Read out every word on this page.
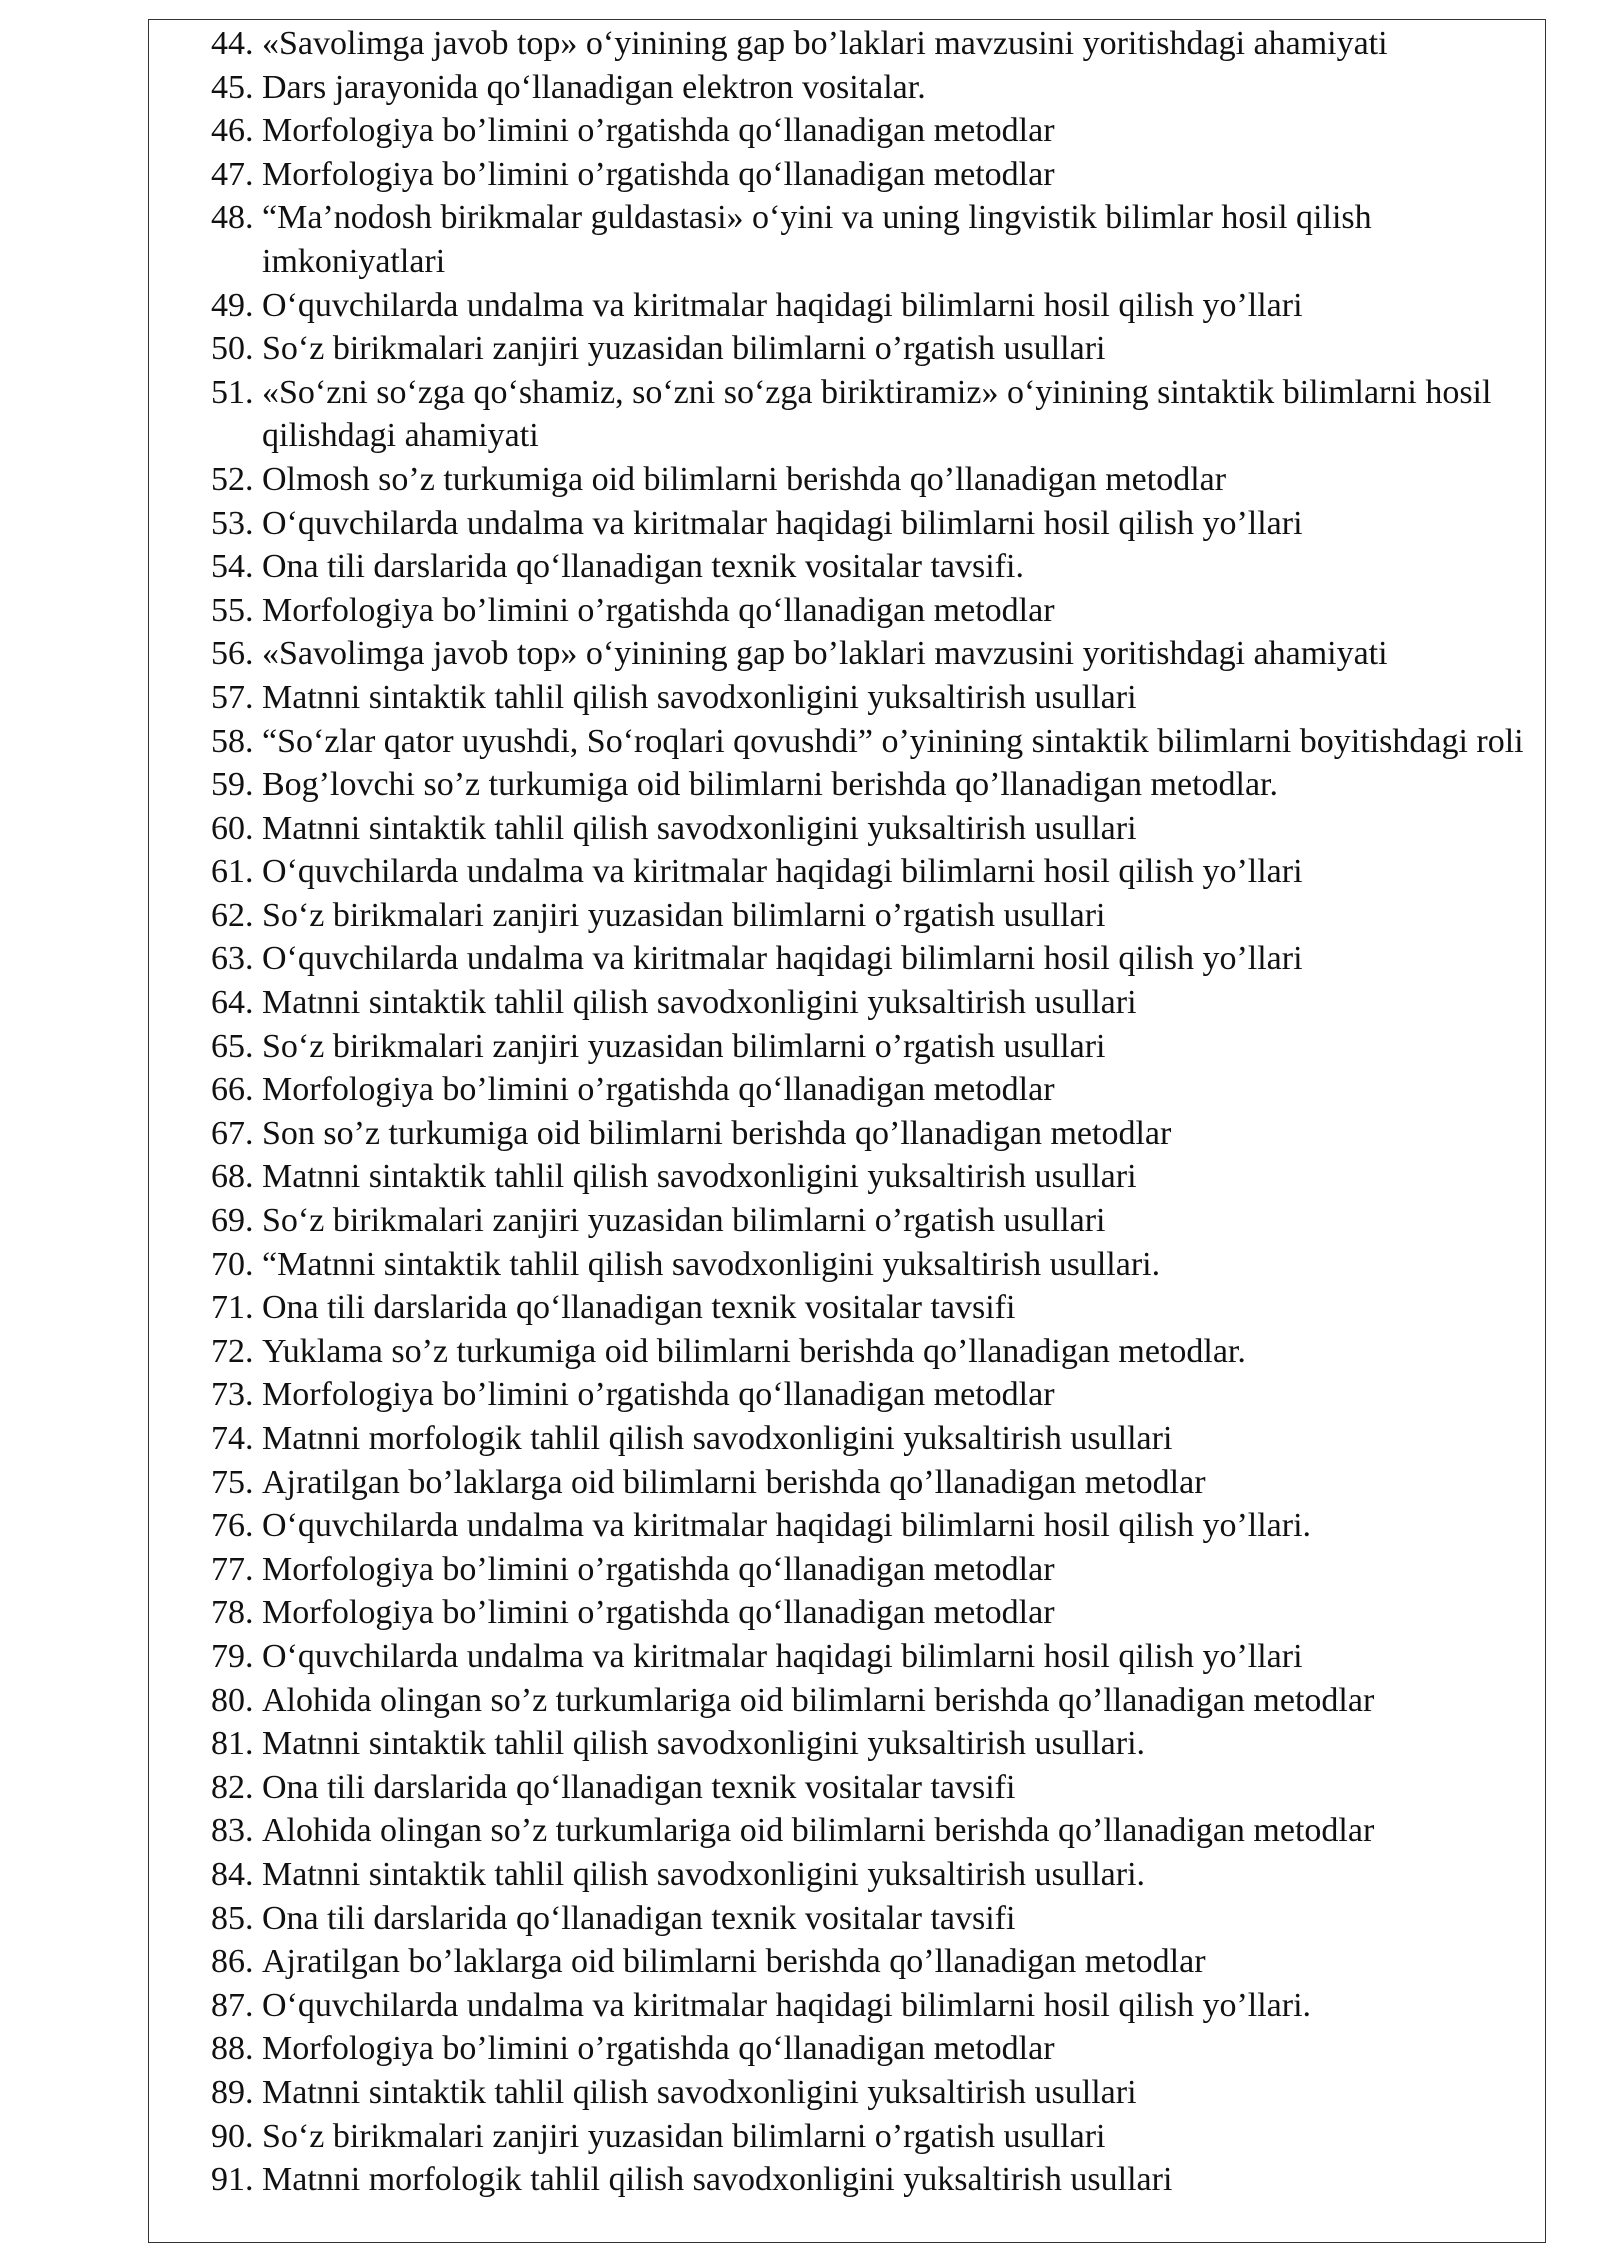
44. «Savolimga javob top» o‘yinining gap bo’laklari mavzusini yoritishdagi ahamiyati
45. Dars jarayonida qo‘llanadigan elektron vositalar.
46. Morfologiya bo’limini o’rgatishda qo‘llanadigan metodlar
47. Morfologiya bo’limini o’rgatishda qo‘llanadigan metodlar
48. “Ma’nodosh birikmalar guldastasi» o‘yini va uning lingvistik bilimlar hosil qilish imkoniyatlari
49. O‘quvchilarda undalma va kiritmalar haqidagi bilimlarni hosil qilish yo’llari
50. So‘z birikmalari zanjiri yuzasidan bilimlarni o’rgatish usullari
51. «So‘zni so‘zga qo‘shamiz, so‘zni so‘zga biriktiramiz» o‘yinining sintaktik bilimlarni hosil qilishdagi ahamiyati
52. Olmosh so’z turkumiga oid bilimlarni berishda qo’llanadigan metodlar
53. O‘quvchilarda undalma va kiritmalar haqidagi bilimlarni hosil qilish yo’llari
54. Ona tili darslarida qo‘llanadigan texnik vositalar tavsifi.
55. Morfologiya bo’limini o’rgatishda qo‘llanadigan metodlar
56. «Savolimga javob top» o‘yinining gap bo’laklari mavzusini yoritishdagi ahamiyati
57. Matnni sintaktik tahlil qilish savodxonligini yuksaltirish usullari
58. “So‘zlar qator uyushdi, So‘roqlari qovushdi” o’yinining sintaktik bilimlarni boyitishdagi roli
59. Bog’lovchi so’z turkumiga oid bilimlarni berishda qo’llanadigan metodlar.
60. Matnni sintaktik tahlil qilish savodxonligini yuksaltirish usullari
61. O‘quvchilarda undalma va kiritmalar haqidagi bilimlarni hosil qilish yo’llari
62. So‘z birikmalari zanjiri yuzasidan bilimlarni o’rgatish usullari
63. O‘quvchilarda undalma va kiritmalar haqidagi bilimlarni hosil qilish yo’llari
64. Matnni sintaktik tahlil qilish savodxonligini yuksaltirish usullari
65. So‘z birikmalari zanjiri yuzasidan bilimlarni o’rgatish usullari
66. Morfologiya bo’limini o’rgatishda qo‘llanadigan metodlar
67. Son so’z turkumiga oid bilimlarni berishda qo’llanadigan metodlar
68. Matnni sintaktik tahlil qilish savodxonligini yuksaltirish usullari
69. So‘z birikmalari zanjiri yuzasidan bilimlarni o’rgatish usullari
70. “Matnni sintaktik tahlil qilish savodxonligini yuksaltirish usullari.
71. Ona tili darslarida qo‘llanadigan texnik vositalar tavsifi
72. Yuklama so’z turkumiga oid bilimlarni berishda qo’llanadigan metodlar.
73. Morfologiya bo’limini o’rgatishda qo‘llanadigan metodlar
74. Matnni morfologik tahlil qilish savodxonligini yuksaltirish usullari
75. Ajratilgan bo’laklarga oid bilimlarni berishda qo’llanadigan metodlar
76. O‘quvchilarda undalma va kiritmalar haqidagi bilimlarni hosil qilish yo’llari.
77. Morfologiya bo’limini o’rgatishda qo‘llanadigan metodlar
78. Morfologiya bo’limini o’rgatishda qo‘llanadigan metodlar
79. O‘quvchilarda undalma va kiritmalar haqidagi bilimlarni hosil qilish yo’llari
80. Alohida olingan so’z turkumlariga oid bilimlarni berishda qo’llanadigan metodlar
81. Matnni sintaktik tahlil qilish savodxonligini yuksaltirish usullari.
82. Ona tili darslarida qo‘llanadigan texnik vositalar tavsifi
83. Alohida olingan so’z turkumlariga oid bilimlarni berishda qo’llanadigan metodlar
84. Matnni sintaktik tahlil qilish savodxonligini yuksaltirish usullari.
85. Ona tili darslarida qo‘llanadigan texnik vositalar tavsifi
86. Ajratilgan bo’laklarga oid bilimlarni berishda qo’llanadigan metodlar
87. O‘quvchilarda undalma va kiritmalar haqidagi bilimlarni hosil qilish yo’llari.
88. Morfologiya bo’limini o’rgatishda qo‘llanadigan metodlar
89. Matnni sintaktik tahlil qilish savodxonligini yuksaltirish usullari
90. So‘z birikmalari zanjiri yuzasidan bilimlarni o’rgatish usullari
91. Matnni morfologik tahlil qilish savodxonligini yuksaltirish usullari
